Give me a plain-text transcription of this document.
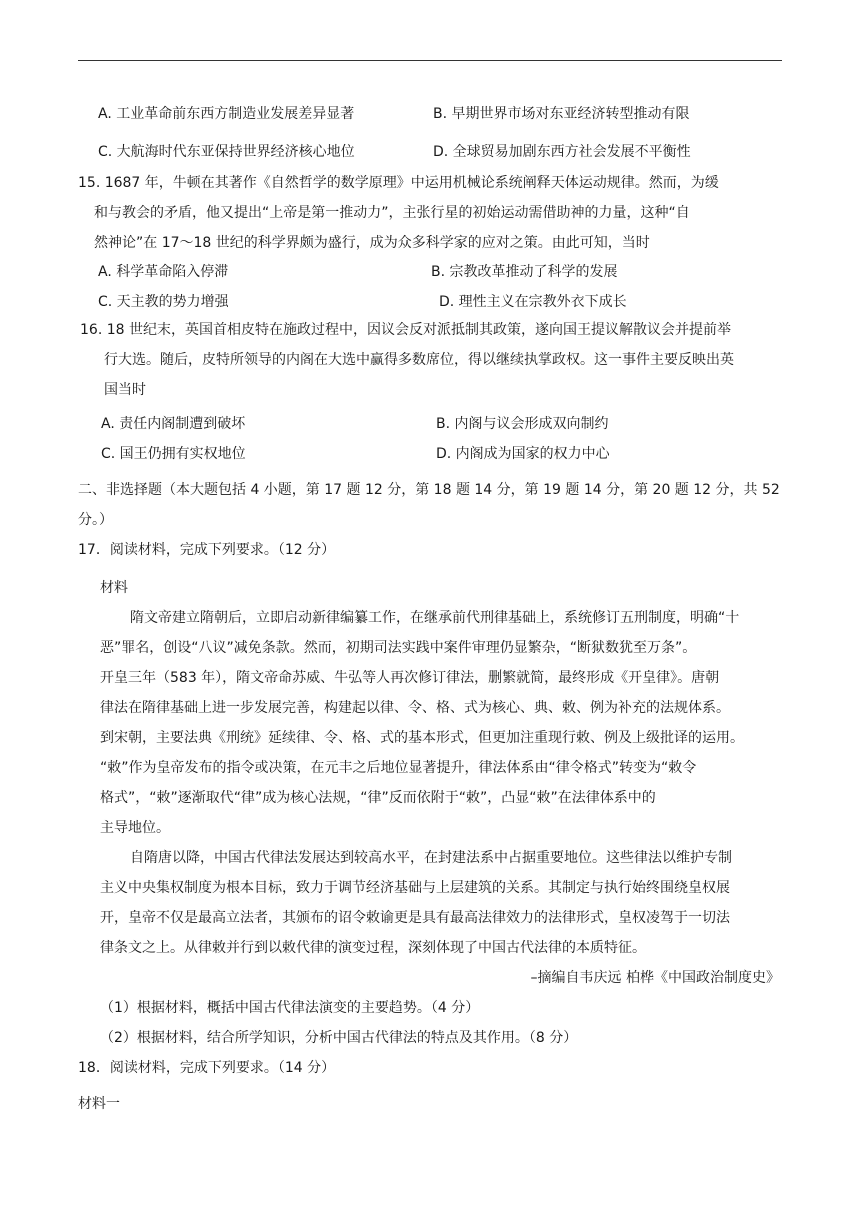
A. 工业革命前东西方制造业发展差异显著	B. 早期世界市场对东亚经济转型推动有限
C. 大航海时代东亚保持世界经济核心地位	D. 全球贸易加剧东西方社会发展不平衡性
15. 1687 年，牛顿在其著作《自然哲学的数学原理》中运用机械论系统阐释天体运动规律。然而，为缓
和与教会的矛盾，他又提出“上帝是第一推动力”，主张行星的初始运动需借助神的力量，这种“自
然神论”在 17～18 世纪的科学界颇为盛行，成为众多科学家的应对之策。由此可知，当时
A. 科学革命陷入停滞	B. 宗教改革推动了科学的发展
C. 天主教的势力增强	D. 理性主义在宗教外衣下成长
16. 18 世纪末，英国首相皮特在施政过程中，因议会反对派抵制其政策，遂向国王提议解散议会并提前举
行大选。随后，皮特所领导的内阁在大选中赢得多数席位，得以继续执掌政权。这一事件主要反映出英
国当时
A. 责任内阁制遭到破坏	B. 内阁与议会形成双向制约
C. 国王仍拥有实权地位	D. 内阁成为国家的权力中心
二、非选择题（本大题包括 4 小题，第 17 题 12 分，第 18 题 14 分，第 19 题 14 分，第 20 题 12 分，共 52
分。）
17．阅读材料，完成下列要求。（12 分）
材料
隋文帝建立隋朝后，立即启动新律编纂工作，在继承前代刑律基础上，系统修订五刑制度，明确“十
恶”罪名，创设“八议”减免条款。然而，初期司法实践中案件审理仍显繁杂，“断狱数犹至万条”。
开皇三年（583 年），隋文帝命苏威、牛弘等人再次修订律法，删繁就简，最终形成《开皇律》。唐朝
律法在隋律基础上进一步发展完善，构建起以律、令、格、式为核心、典、敕、例为补充的法规体系。
到宋朝，主要法典《刑统》延续律、令、格、式的基本形式，但更加注重现行敕、例及上级批译的运用。
“敕”作为皇帝发布的指令或决策，在元丰之后地位显著提升，律法体系由“律令格式”转变为“敕令
格式”，“敕”逐渐取代“律”成为核心法规，“律”反而依附于“敕”，凸显“敕”在法律体系中的
主导地位。
自隋唐以降，中国古代律法发展达到较高水平，在封建法系中占据重要地位。这些律法以维护专制
主义中央集权制度为根本目标，致力于调节经济基础与上层建筑的关系。其制定与执行始终围绕皇权展
开，皇帝不仅是最高立法者，其颁布的诏令敕谕更是具有最高法律效力的法律形式，皇权凌驾于一切法
律条文之上。从律敕并行到以敕代律的演变过程，深刻体现了中国古代法律的本质特征。
–摘编自韦庆远 柏桦《中国政治制度史》
（1）根据材料，概括中国古代律法演变的主要趋势。（4 分）
（2）根据材料，结合所学知识，分析中国古代律法的特点及其作用。（8 分）
18．阅读材料，完成下列要求。（14 分）
材料一
